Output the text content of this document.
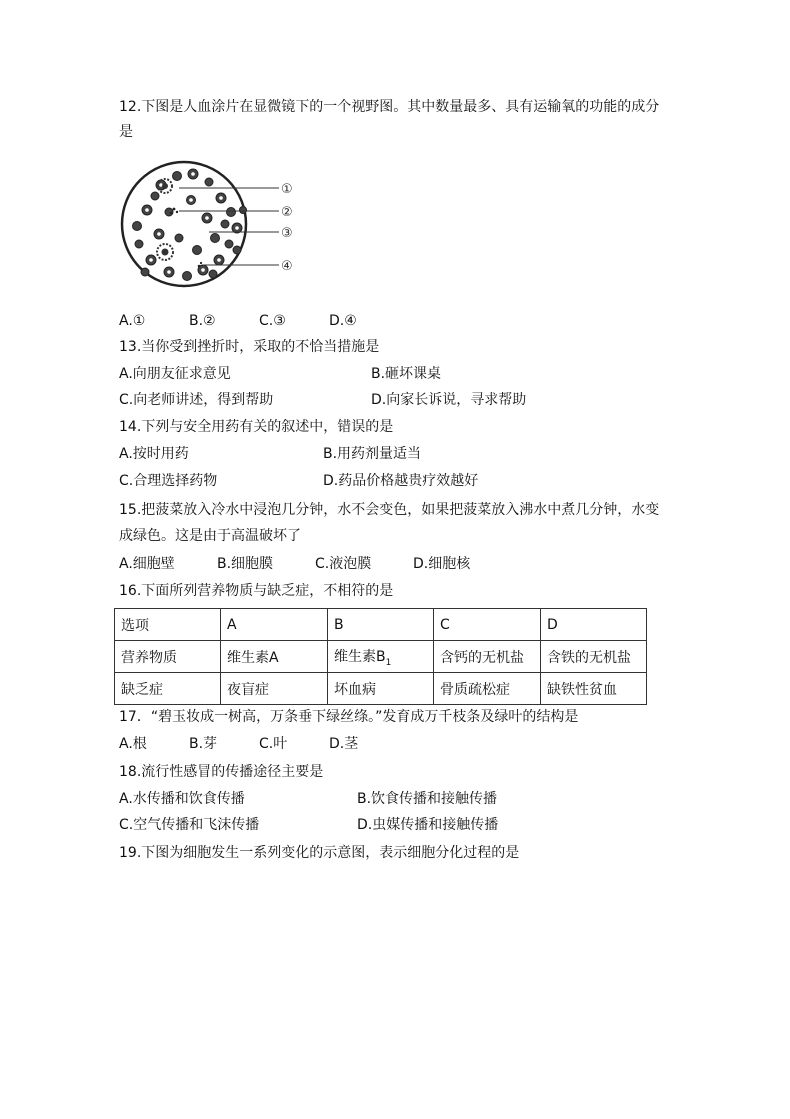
12.下图是人血涂片在显微镜下的一个视野图。其中数量最多、具有运输氧的功能的成分
是
①
②
③
④
A.①	B.②	C.③	D.④
13.当你受到挫折时，采取的不恰当措施是
A.向朋友征求意见	B.砸坏课桌
C.向老师讲述，得到帮助	D.向家长诉说，寻求帮助
14.下列与安全用药有关的叙述中，错误的是
A.按时用药	B.用药剂量适当
C.合理选择药物	D.药品价格越贵疗效越好
15.把菠菜放入冷水中浸泡几分钟，水不会变色，如果把菠菜放入沸水中煮几分钟，水变
成绿色。这是由于高温破坏了
A.细胞壁	B.细胞膜	C.液泡膜	D.细胞核
16.下面所列营养物质与缺乏症，不相符的是
选项	A	B	C	D
营养物质	维生素A	维生素$B_1$	含钙的无机盐	含铁的无机盐
缺乏症	夜盲症	坏血病	骨质疏松症	缺铁性贫血
17．“碧玉妆成一树高，万条垂下绿丝绦。”发育成万千枝条及绿叶的结构是
A.根	B.芽	C.叶	D.茎
18.流行性感冒的传播途径主要是
A.水传播和饮食传播	B.饮食传播和接触传播
C.空气传播和飞沫传播	D.虫媒传播和接触传播
19.下图为细胞发生一系列变化的示意图，表示细胞分化过程的是
